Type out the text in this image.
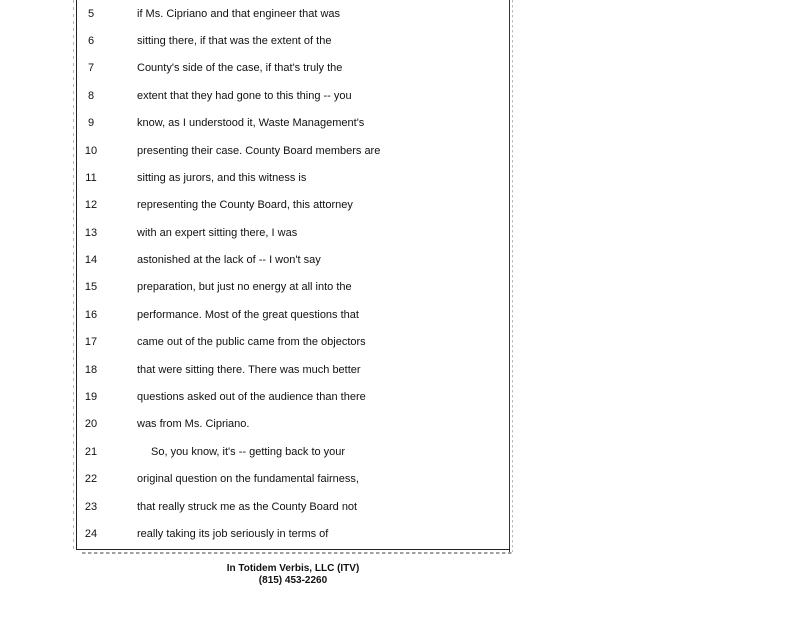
5	if Ms. Cipriano and that engineer that was
6	sitting there, if that was the extent of the
7	County's side of the case, if that's truly the
8	extent that they had gone to this thing -- you
9	know, as I understood it, Waste Management's
10	presenting their case. County Board members are
11	sitting as jurors, and this witness is
12	representing the County Board, this attorney
13	with an expert sitting there, I was
14	astonished at the lack of -- I won't say
15	preparation, but just no energy at all into the
16	performance. Most of the great questions that
17	came out of the public came from the objectors
18	that were sitting there. There was much better
19	questions asked out of the audience than there
20	was from Ms. Cipriano.
21	So, you know, it's -- getting back to your
22	original question on the fundamental fairness,
23	that really struck me as the County Board not
24	really taking its job seriously in terms of
In Totidem Verbis, LLC (ITV)
(815) 453-2260
